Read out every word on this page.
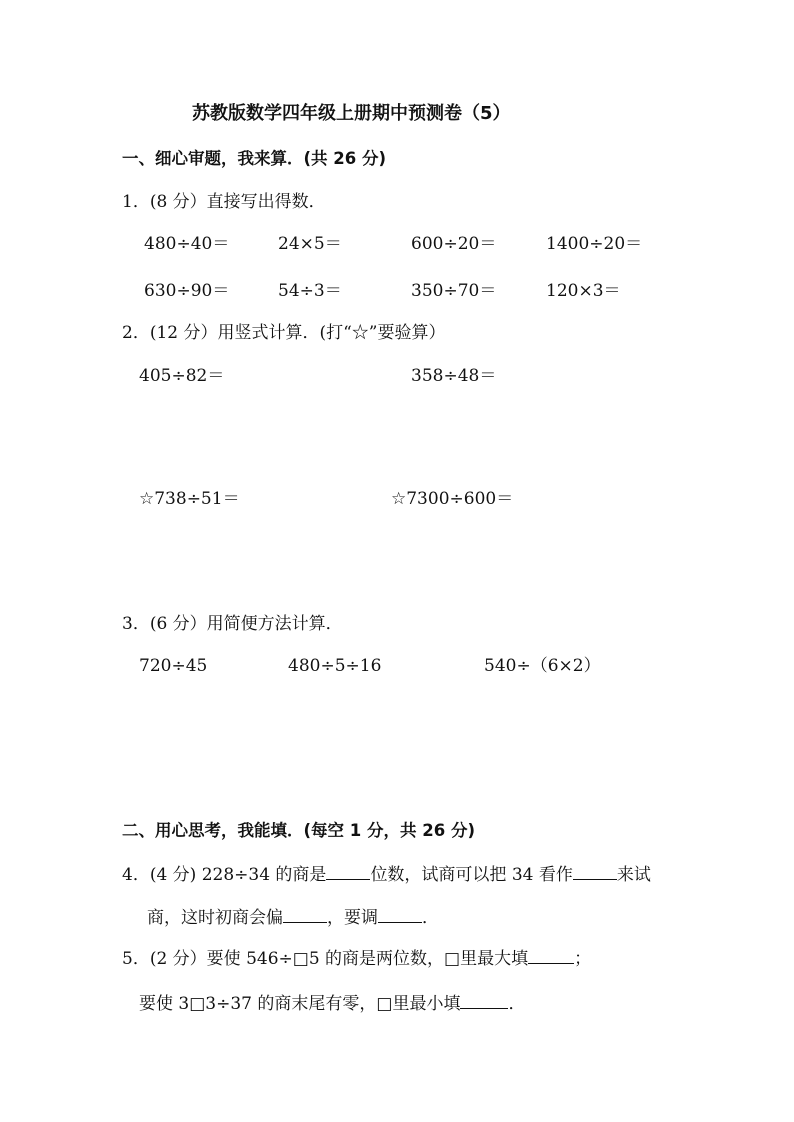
苏教版数学四年级上册期中预测卷（5）
一、细心审题，我来算．(共 26 分)
1．(8 分）直接写出得数．
480÷40＝	24×5＝	600÷20＝	1400÷20＝
630÷90＝	54÷3＝	350÷70＝	120×3＝
2．(12 分）用竖式计算．(打“☆”要验算）
405÷82＝	358÷48＝
☆738÷51＝	☆7300÷600＝
3．(6 分）用简便方法计算．
720÷45	480÷5÷16	540÷（6×2）
二、用心思考，我能填．(每空 1 分，共 26 分)
4．(4 分) 228÷34 的商是	位数，试商可以把 34 看作	来试
商，这时初商会偏	，要调	．
5．(2 分）要使 546÷□5 的商是两位数，□里最大填	；
要使 3□3÷37 的商末尾有零，□里最小填	．
